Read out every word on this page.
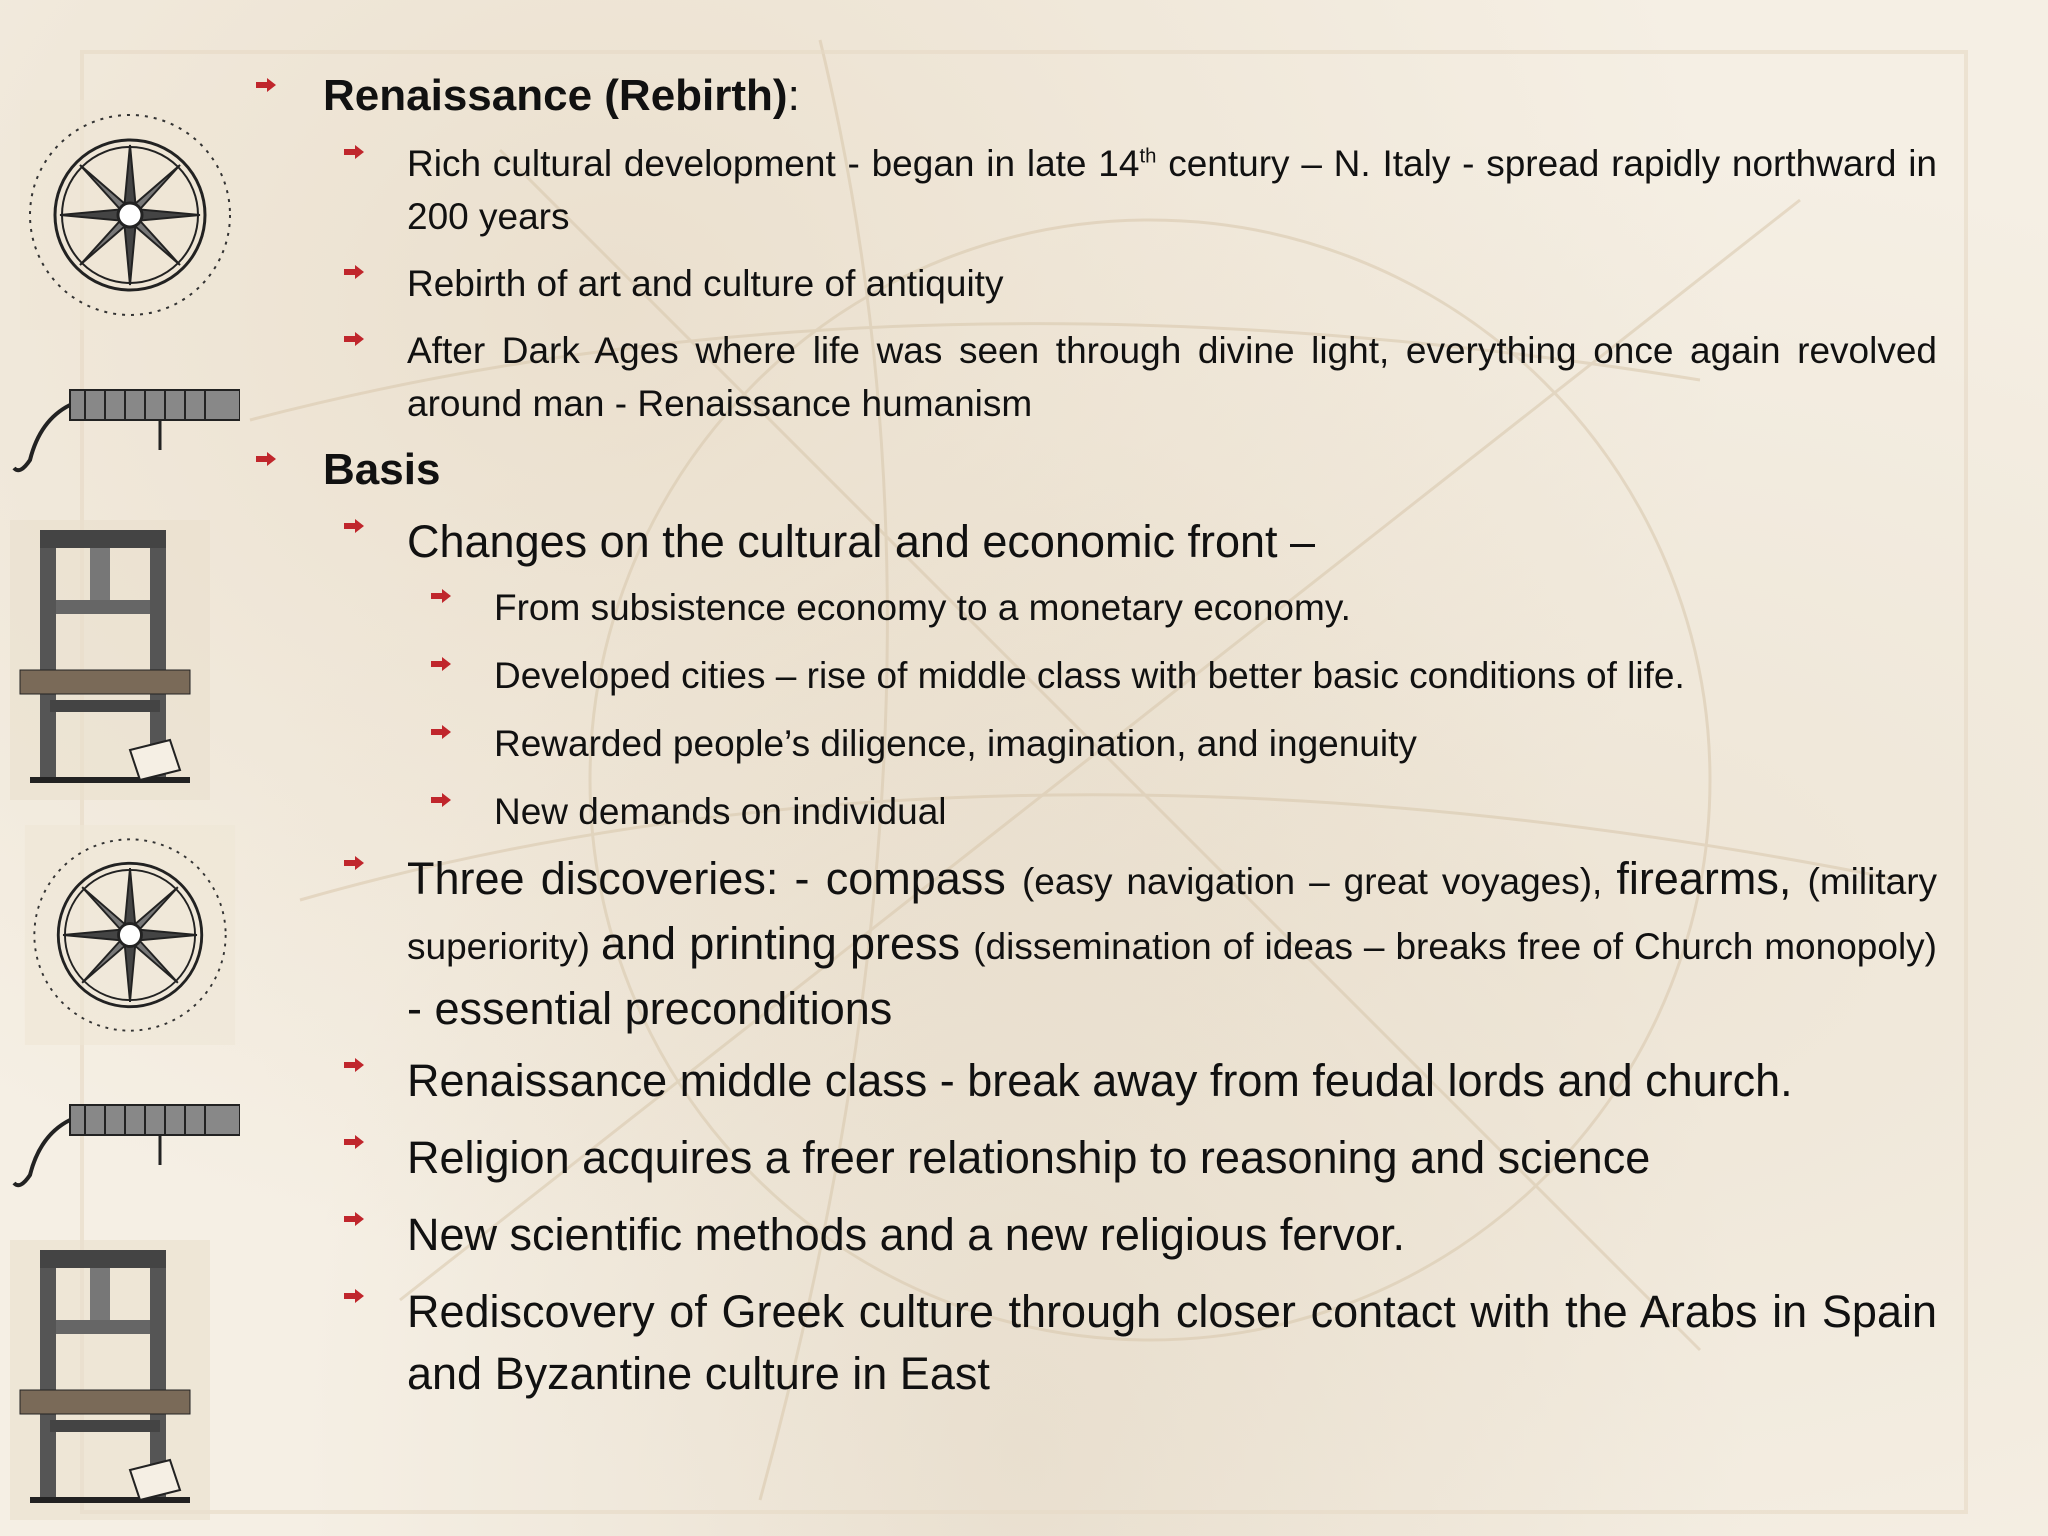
Renaissance (Rebirth):
Rich cultural development - began in late 14th century – N. Italy - spread rapidly northward in 200 years
Rebirth of art and culture of antiquity
After Dark Ages where life was seen through divine light, everything once again revolved around man - Renaissance humanism
Basis
Changes on the cultural and economic front –
From subsistence economy to a monetary economy.
Developed cities – rise of middle class with better basic conditions of life.
Rewarded people’s diligence, imagination, and ingenuity
New demands on individual
Three discoveries: - compass (easy navigation – great voyages), firearms, (military superiority) and printing press (dissemination of ideas – breaks free of Church monopoly) - essential preconditions
Renaissance middle class - break away from feudal lords and church.
Religion acquires a freer relationship to reasoning and science
New scientific methods and a new religious fervor.
Rediscovery of Greek culture through closer contact with the Arabs in Spain and Byzantine culture in East
